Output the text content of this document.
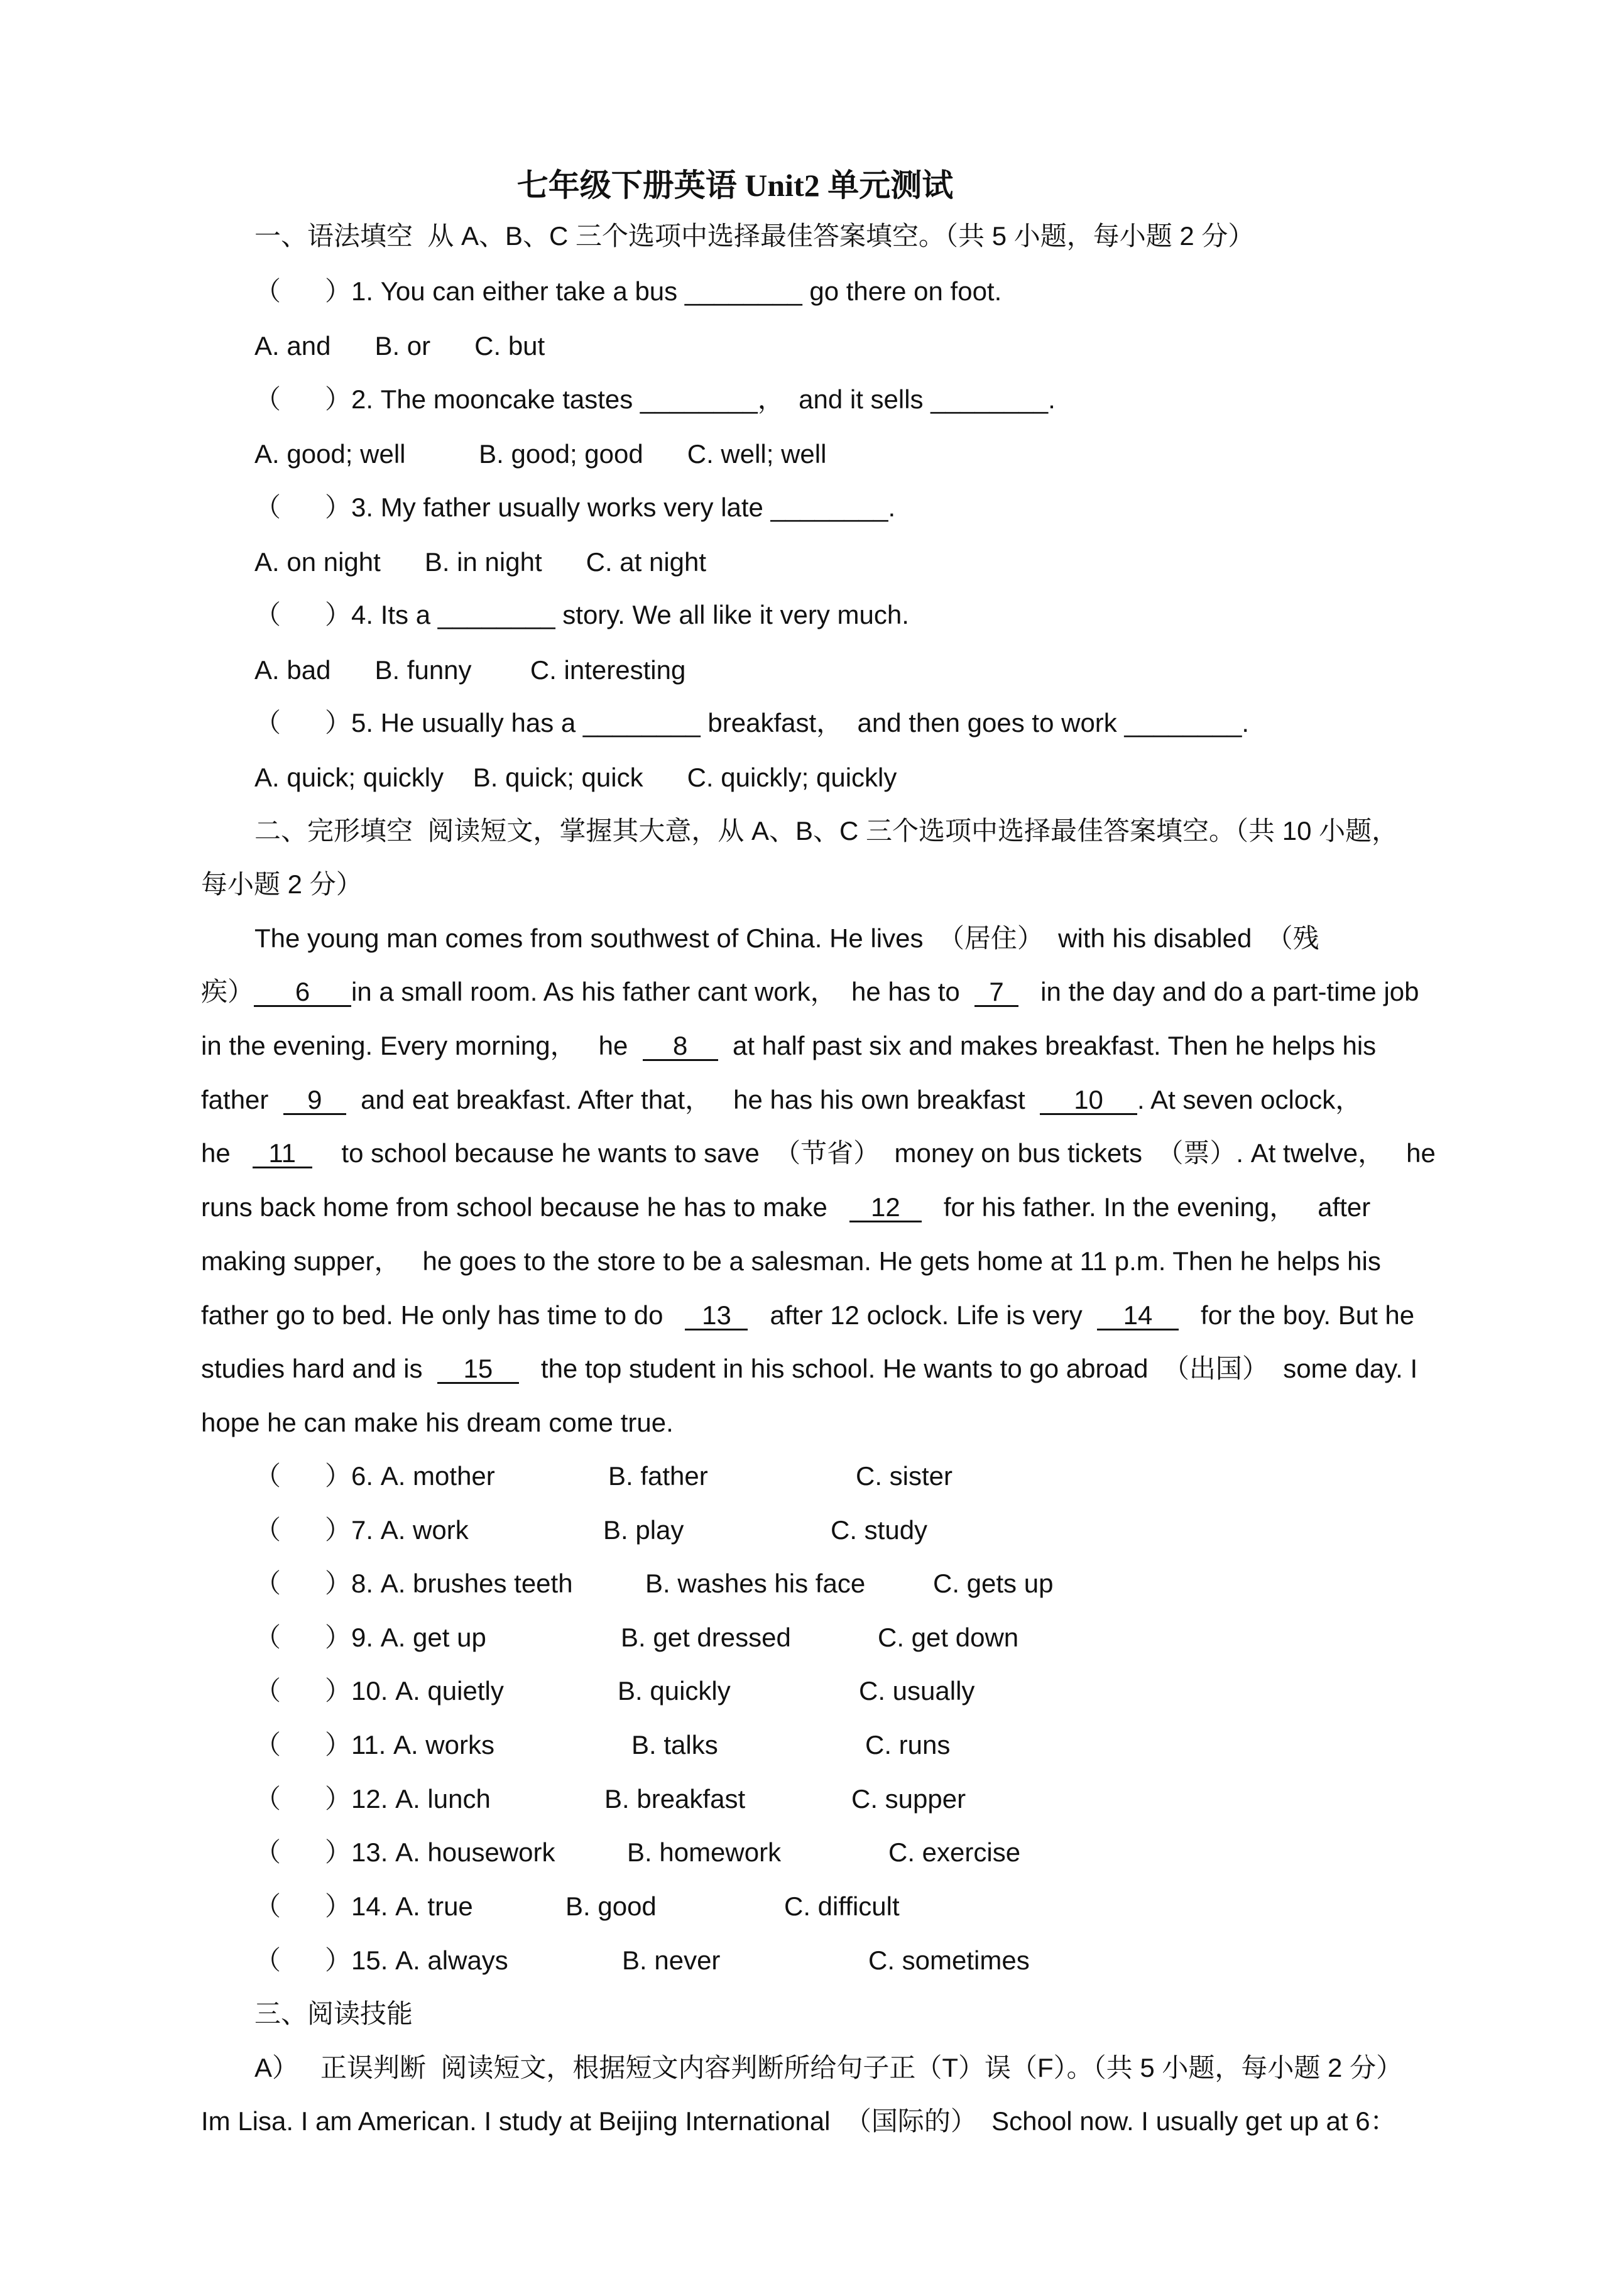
七年级下册英语 Unit2 单元测试
一、语法填空  从 A、B、C 三个选项中选择最佳答案填空。（共 5 小题，每小题 2 分）
（      ）1. You can either take a bus ________ go there on foot.
A. and      B. or      C. but
（      ）2. The mooncake tastes ________，  and it sells ________.
A. good; well          B. good; good      C. well; well
（      ）3. My father usually works very late ________.
A. on night      B. in night      C. at night
（      ）4. Its a ________ story. We all like it very much.
A. bad      B. funny        C. interesting
（      ）5. He usually has a ________ breakfast，  and then goes to work ________.
A. quick; quickly    B. quick; quick      C. quickly; quickly
二、完形填空  阅读短文，掌握其大意，从 A、B、C 三个选项中选择最佳答案填空。（共 10 小题，
每小题 2 分）
The young man comes from southwest of China. He lives  （居住）  with his disabled  （残
疾） 6 in a small room. As his father cant work，  he has to  7   in the day and do a part-time job
in the evening. Every morning，   he  8  at half past six and makes breakfast. Then he helps his
father  9  and eat breakfast. After that，   he has his own breakfast  10 . At seven oclock，
he   11    to school because he wants to save  （节省）  money on bus tickets  （票）. At twelve，   he
runs back home from school because he has to make   12   for his father. In the evening，   after
making supper，   he goes to the store to be a salesman. He gets home at 11 p.m. Then he helps his
father go to bed. He only has time to do   13   after 12 oclock. Life is very  14   for the boy. But he
studies hard and is  15   the top student in his school. He wants to go abroad  （出国）  some day. I
hope he can make his dream come true.
（      ）6. A. mother	B. father	C. sister
（      ）7. A. work	B. play	C. study
（      ）8. A. brushes teeth	B. washes his face	C. gets up
（      ）9. A. get up	B. get dressed	C. get down
（      ）10. A. quietly	B. quickly	C. usually
（      ）11. A. works	B. talks	C. runs
（      ）12. A. lunch	B. breakfast	C. supper
（      ）13. A. housework	B. homework	C. exercise
（      ）14. A. true	B. good	C. difficult
（      ）15. A. always	B. never	C. sometimes
三、阅读技能
A）   正误判断  阅读短文，根据短文内容判断所给句子正（T）误（F）。（共 5 小题，每小题 2 分）
Im Lisa. I am American. I study at Beijing International  （国际的）  School now. I usually get up at 6：
